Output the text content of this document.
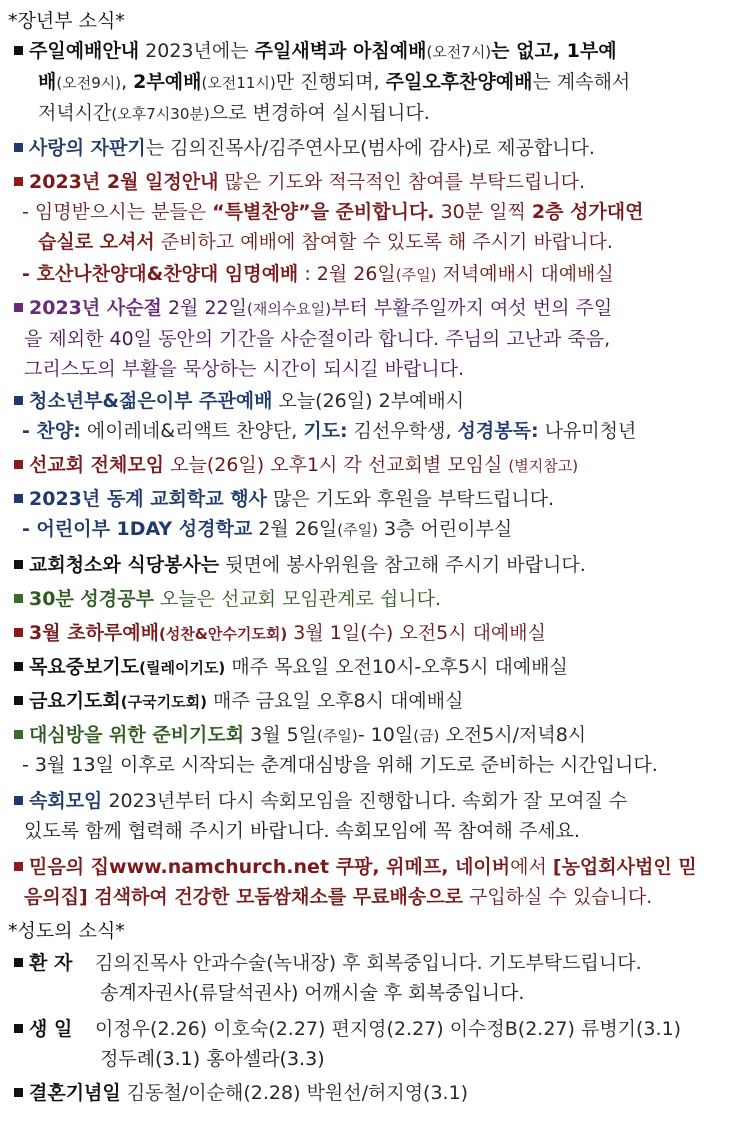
*장년부 소식*
주일예배안내 2023년에는 주일새벽과 아침예배(오전7시)는 없고, 1부예
배(오전9시), 2부예배(오전11시)만 진행되며, 주일오후찬양예배는 계속해서
저녁시간(오후7시30분)으로 변경하여 실시됩니다.
사랑의 자판기는 김의진목사/김주연사모(범사에 감사)로 제공합니다.
2023년 2월 일정안내 많은 기도와 적극적인 참여를 부탁드립니다.
- 임명받으시는 분들은 “특별찬양”을 준비합니다. 30분 일찍 2층 성가대연
습실로 오셔서 준비하고 예배에 참여할 수 있도록 해 주시기 바랍니다.
- 호산나찬양대&찬양대 임명예배 : 2월 26일(주일) 저녁예배시 대예배실
2023년 사순절 2월 22일(재의수요일)부터 부활주일까지 여섯 번의 주일
을 제외한 40일 동안의 기간을 사순절이라 합니다. 주님의 고난과 죽음,
그리스도의 부활을 묵상하는 시간이 되시길 바랍니다.
청소년부&젊은이부 주관예배 오늘(26일) 2부예배시
- 찬양: 에이레네&리액트 찬양단, 기도: 김선우학생, 성경봉독: 나유미청년
선교회 전체모임 오늘(26일) 오후1시 각 선교회별 모임실 (별지참고)
2023년 동계 교회학교 행사 많은 기도와 후원을 부탁드립니다.
- 어린이부 1DAY 성경학교 2월 26일(주일) 3층 어린이부실
교회청소와 식당봉사는 뒷면에 봉사위원을 참고해 주시기 바랍니다.
30분 성경공부 오늘은 선교회 모임관계로 쉽니다.
3월 초하루예배(성찬&안수기도회) 3월 1일(수) 오전5시 대예배실
목요중보기도(릴레이기도) 매주 목요일 오전10시-오후5시 대예배실
금요기도회(구국기도회) 매주 금요일 오후8시 대예배실
대심방을 위한 준비기도회 3월 5일(주일)- 10일(금) 오전5시/저녁8시
- 3월 13일 이후로 시작되는 춘계대심방을 위해 기도로 준비하는 시간입니다.
속회모임 2023년부터 다시 속회모임을 진행합니다. 속회가 잘 모여질 수
있도록 함께 협력해 주시기 바랍니다. 속회모임에 꼭 참여해 주세요.
믿음의 집www.namchurch.net 쿠팡, 위메프, 네이버에서 [농업회사법인 믿
음의집] 검색하여 건강한 모둠쌈채소를 무료배송으로 구입하실 수 있습니다.
*성도의 소식*
환 자 김의진목사 안과수술(녹내장) 후 회복중입니다. 기도부탁드립니다.
송계자권사(류달석권사) 어깨시술 후 회복중입니다.
생 일 이정우(2.26) 이호숙(2.27) 편지영(2.27) 이수정B(2.27) 류병기(3.1)
정두례(3.1) 홍아셀라(3.3)
결혼기념일 김동철/이순해(2.28) 박원선/허지영(3.1)
